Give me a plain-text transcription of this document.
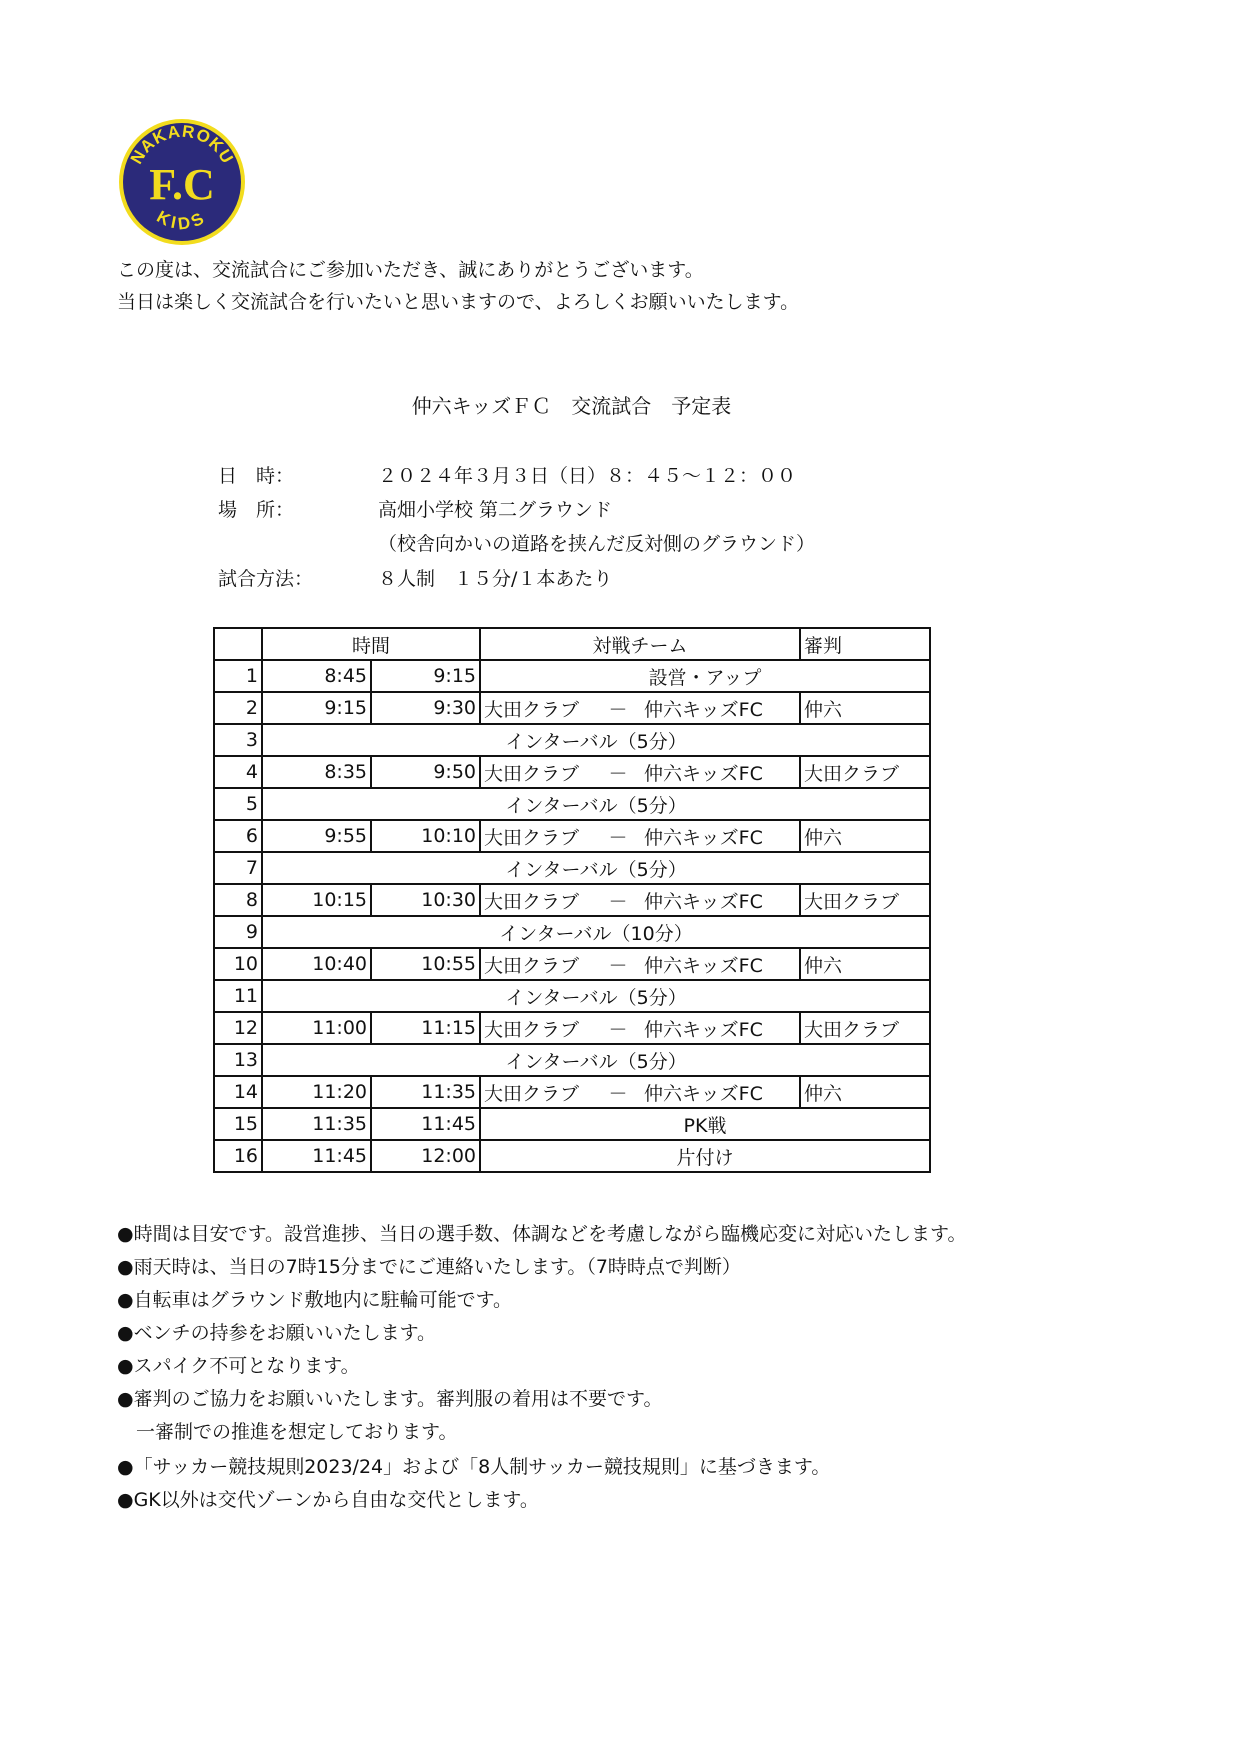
NAKAROKU
F.C
KIDS
この度は、交流試合にご参加いただき、誠にありがとうございます。
当日は楽しく交流試合を行いたいと思いますので、よろしくお願いいたします。
仲六キッズＦＣ　交流試合　予定表
日　時：	２０２４年３月３日（日）８：４５～１２：００
場　所：	高畑小学校 第二グラウンド
（校舎向かいの道路を挟んだ反対側のグラウンド）
試合方法：	８人制　１５分/１本あたり
	時間		対戦チーム	審判
1	8:45	9:15	設営・アップ	
2	9:15	9:30	大田クラブ － 仲六キッズFC	仲六
3	インターバル（5分）			
4	8:35	9:50	大田クラブ － 仲六キッズFC	大田クラブ
5	インターバル（5分）			
6	9:55	10:10	大田クラブ － 仲六キッズFC	仲六
7	インターバル（5分）			
8	10:15	10:30	大田クラブ － 仲六キッズFC	大田クラブ
9	インターバル（10分）			
10	10:40	10:55	大田クラブ － 仲六キッズFC	仲六
11	インターバル（5分）			
12	11:00	11:15	大田クラブ － 仲六キッズFC	大田クラブ
13	インターバル（5分）			
14	11:20	11:35	大田クラブ － 仲六キッズFC	仲六
15	11:35	11:45	PK戦	
16	11:45	12:00	片付け	
●時間は目安です。設営進捗、当日の選手数、体調などを考慮しながら臨機応変に対応いたします。
●雨天時は、当日の7時15分までにご連絡いたします。（7時時点で判断）
●自転車はグラウンド敷地内に駐輪可能です。
●ベンチの持参をお願いいたします。
●スパイク不可となります。
●審判のご協力をお願いいたします。審判服の着用は不要です。
　一審制での推進を想定しております。
●「サッカー競技規則2023/24」および「8人制サッカー競技規則」に基づきます。
●GK以外は交代ゾーンから自由な交代とします。
